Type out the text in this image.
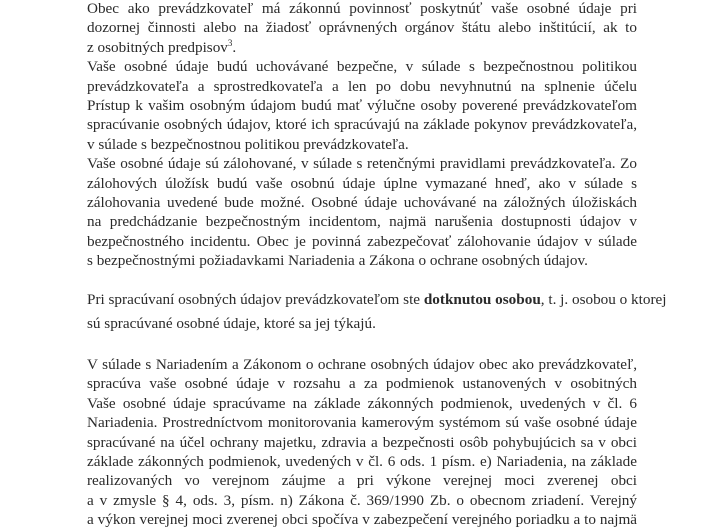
Obec ako prevádzkovateľ má zákonnú povinnosť poskytnúť vaše osobné údaje pri
dozornej činnosti alebo na žiadosť oprávnených orgánov štátu alebo inštitúcií, ak to
z osobitných predpisov$^3$.
Vaše osobné údaje budú uchovávané bezpečne, v súlade s bezpečnostnou politikou
prevádzkovateľa a sprostredkovateľa a len po dobu nevyhnutnú na splnenie účelu
Prístup k vašim osobným údajom budú mať výlučne osoby poverené prevádzkovateľom
spracúvanie osobných údajov, ktoré ich spracúvajú na základe pokynov prevádzkovateľa,
v súlade s bezpečnostnou politikou prevádzkovateľa.
Vaše osobné údaje sú zálohované, v súlade s retenčnými pravidlami prevádzkovateľa. Zo
zálohových úložísk budú vaše osobnú údaje úplne vymazané hneď, ako v súlade s
zálohovania uvedené bude možné. Osobné údaje uchovávané na záložných úložiskách
na predchádzanie bezpečnostným incidentom, najmä narušenia dostupnosti údajov v
bezpečnostného incidentu. Obec je povinná zabezpečovať zálohovanie údajov v súlade
s bezpečnostnými požiadavkami Nariadenia a Zákona o ochrane osobných údajov.
Pri spracúvaní osobných údajov prevádzkovateľom ste dotknutou osobou, t. j. osobou o ktorej
sú spracúvané osobné údaje, ktoré sa jej týkajú.
V súlade s Nariadením a Zákonom o ochrane osobných údajov obec ako prevádzkovateľ,
spracúva vaše osobné údaje v rozsahu a za podmienok ustanovených v osobitných
Vaše osobné údaje spracúvame na základe zákonných podmienok, uvedených v čl. 6
Nariadenia. Prostredníctvom monitorovania kamerovým systémom sú vaše osobné údaje
spracúvané na účel ochrany majetku, zdravia a bezpečnosti osôb pohybujúcich sa v obci
základe zákonných podmienok, uvedených v čl. 6 ods. 1 písm. e) Nariadenia, na základe
realizovaných vo verejnom záujme a pri výkone verejnej moci zverenej obci
a v zmysle § 4, ods. 3, písm. n) Zákona č. 369/1990 Zb. o obecnom zriadení. Verejný
a výkon verejnej moci zverenej obci spočíva v zabezpečení verejného poriadku a to najmä
